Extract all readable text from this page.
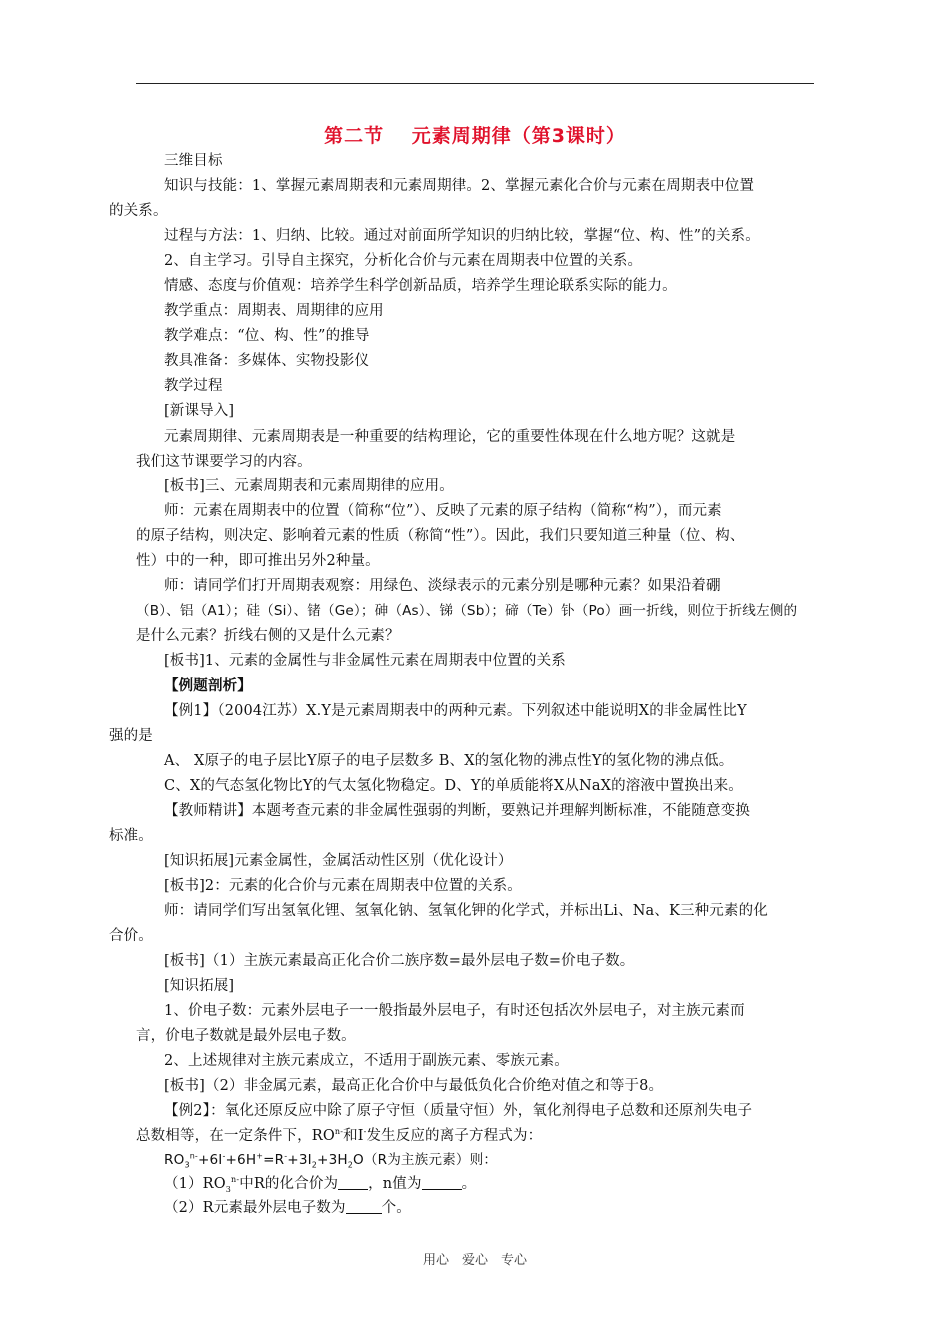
第二节　 元素周期律（第3课时）
三维目标
知识与技能：1、掌握元素周期表和元素周期律。2、掌握元素化合价与元素在周期表中位置
的关系。
过程与方法：1、归纳、比较。通过对前面所学知识的归纳比较，掌握“位、构、性”的关系。
2、自主学习。引导自主探究，分析化合价与元素在周期表中位置的关系。
情感、态度与价值观：培养学生科学创新品质，培养学生理论联系实际的能力。
教学重点：周期表、周期律的应用
教学难点：“位、构、性”的推导
教具准备：多媒体、实物投影仪
教学过程
[新课导入]
元素周期律、元素周期表是一种重要的结构理论，它的重要性体现在什么地方呢？这就是
我们这节课要学习的内容。
[板书]三、元素周期表和元素周期律的应用。
师：元素在周期表中的位置（简称“位”）、反映了元素的原子结构（简称“构”），而元素
的原子结构，则决定、影响着元素的性质（称简“性”）。因此，我们只要知道三种量（位、构、
性）中的一种，即可推出另外2种量。
师：请同学们打开周期表观察：用绿色、淡绿表示的元素分别是哪种元素？如果沿着硼
（B）、铝（A1）；硅（Si）、锗（Ge）；砷（As）、锑（Sb）；碲（Te）钋（Po）画一折线，则位于折线左侧的
是什么元素？折线右侧的又是什么元素？
[板书]1、元素的金属性与非金属性元素在周期表中位置的关系
【例题剖析】
【例1】（2004江苏）X.Y是元素周期表中的两种元素。下列叙述中能说明X的非金属性比Y
强的是
A、 X原子的电子层比Y原子的电子层数多 B、X的氢化物的沸点性Y的氢化物的沸点低。
C、X的气态氢化物比Y的气太氢化物稳定。D、Y的单质能将X从NaX的溶液中置换出来。
【教师精讲】本题考查元素的非金属性强弱的判断，要熟记并理解判断标准，不能随意变换
标准。
[知识拓展]元素金属性，金属活动性区别（优化设计）
[板书]2：元素的化合价与元素在周期表中位置的关系。
师：请同学们写出氢氧化锂、氢氧化钠、氢氧化钾的化学式，并标出Li、Na、K三种元素的化
合价。
[板书]（1）主族元素最高正化合价二族序数=最外层电子数=价电子数。
[知识拓展]
1、价电子数：元素外层电子一一般指最外层电子，有时还包括次外层电子，对主族元素而
言，价电子数就是最外层电子数。
2、上述规律对主族元素成立，不适用于副族元素、零族元素。
[板书]（2）非金属元素，最高正化合价中与最低负化合价绝对值之和等于8。
【例2】：氧化还原反应中除了原子守恒（质量守恒）外，氧化剂得电子总数和还原剂失电子
总数相等，在一定条件下，$RO^{n-}$和I-发生反应的离子方程式为：
$RO_3^{n-}+6I^-+6H^+=R^-+3I_2+3H_2O(R$为主族元素）则：
$(1)RO_3^{n-}$中R的化合价为 ，n值为	。
（2）R元素最外层电子数为 个。
用心　爱心　专心
